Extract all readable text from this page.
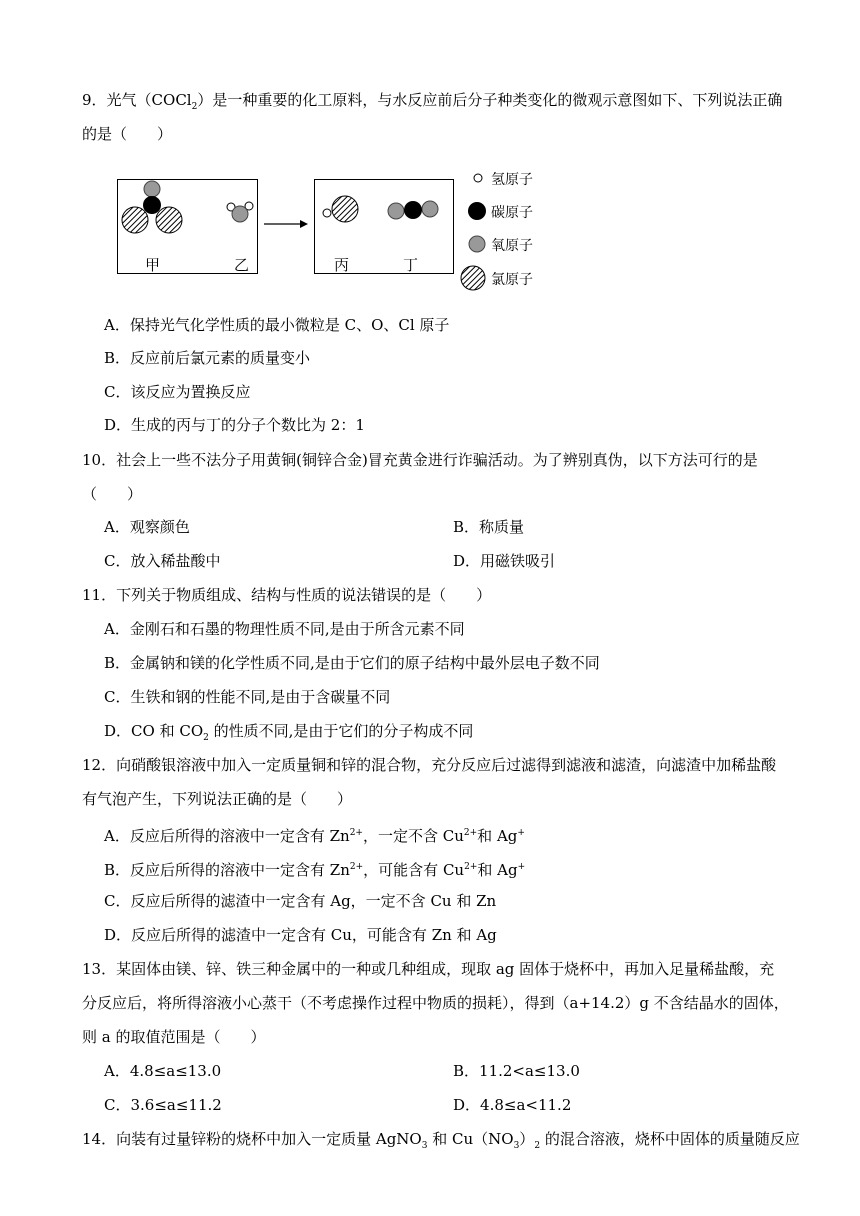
9．光气（COCl$_2$）是一种重要的化工原料，与水反应前后分子种类变化的微观示意图如下、下列说法正确
的是（　　）
甲	乙	丙	丁
氢原子
碳原子
氧原子
氯原子
A．保持光气化学性质的最小微粒是 C、O、Cl 原子
B．反应前后氯元素的质量变小
C．该反应为置换反应
D．生成的丙与丁的分子个数比为 2：1
10．社会上一些不法分子用黄铜(铜锌合金)冒充黄金进行诈骗活动。为了辨别真伪，以下方法可行的是
（　　）
A．观察颜色	B．称质量
C．放入稀盐酸中	D．用磁铁吸引
11．下列关于物质组成、结构与性质的说法错误的是（　　）
A．金刚石和石墨的物理性质不同,是由于所含元素不同
B．金属钠和镁的化学性质不同,是由于它们的原子结构中最外层电子数不同
C．生铁和钢的性能不同,是由于含碳量不同
D．CO 和 $CO_2$ 的性质不同,是由于它们的分子构成不同
12．向硝酸银溶液中加入一定质量铜和锌的混合物，充分反应后过滤得到滤液和滤渣，向滤渣中加稀盐酸
有气泡产生，下列说法正确的是（　　）
A．反应后所得的溶液中一定含有 $Zn^{2+}$，一定不含 $Cu^{2+}$和 Ag+
B．反应后所得的溶液中一定含有 $Zn^{2+}$，可能含有 $Cu^{2+}$和 Ag+
C．反应后所得的滤渣中一定含有 Ag，一定不含 Cu 和 Zn
D．反应后所得的滤渣中一定含有 Cu，可能含有 Zn 和 Ag
13．某固体由镁、锌、铁三种金属中的一种或几种组成，现取 ag 固体于烧杯中，再加入足量稀盐酸，充
分反应后，将所得溶液小心蒸干（不考虑操作过程中物质的损耗），得到（a+14.2）g 不含结晶水的固体，
则 a 的取值范围是（　　）
A．4.8≤a≤13.0	B．11.2<a≤13.0
C．3.6≤a≤11.2	D．4.8≤a<11.2
14．向装有过量锌粉的烧杯中加入一定质量 AgNO$_3$ 和 $Cu(NO_3)_2$ 的混合溶液，烧杯中固体的质量随反应
